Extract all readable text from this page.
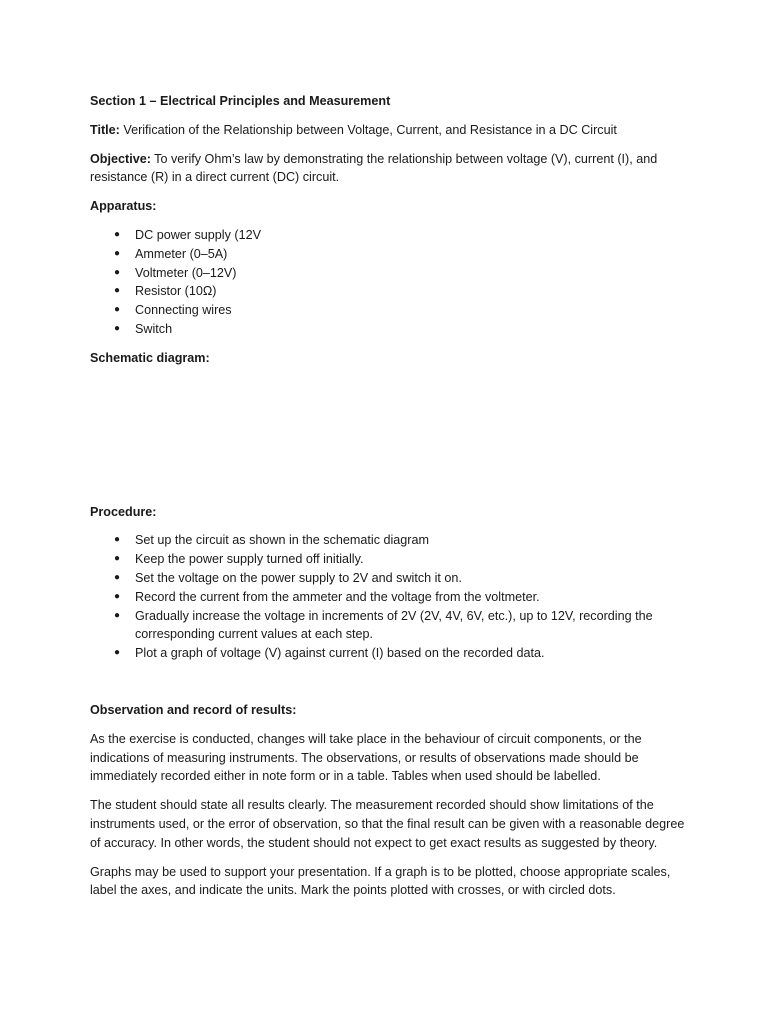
Section 1 – Electrical Principles and Measurement

Title: Verification of the Relationship between Voltage, Current, and Resistance in a DC Circuit

Objective: To verify Ohm’s law by demonstrating the relationship between voltage (V), current (I), and resistance (R) in a direct current (DC) circuit.

Apparatus:

● DC power supply (12V
● Ammeter (0–5A)
● Voltmeter (0–12V)
● Resistor (10Ω)
● Connecting wires
● Switch

Schematic diagram:

Procedure:

● Set up the circuit as shown in the schematic diagram
● Keep the power supply turned off initially.
● Set the voltage on the power supply to 2V and switch it on.
● Record the current from the ammeter and the voltage from the voltmeter.
● Gradually increase the voltage in increments of 2V (2V, 4V, 6V, etc.), up to 12V, recording the corresponding current values at each step.
● Plot a graph of voltage (V) against current (I) based on the recorded data.

Observation and record of results:

As the exercise is conducted, changes will take place in the behaviour of circuit components, or the indications of measuring instruments. The observations, or results of observations made should be immediately recorded either in note form or in a table. Tables when used should be labelled.

The student should state all results clearly. The measurement recorded should show limitations of the instruments used, or the error of observation, so that the final result can be given with a reasonable degree of accuracy. In other words, the student should not expect to get exact results as suggested by theory.

Graphs may be used to support your presentation. If a graph is to be plotted, choose appropriate scales, label the axes, and indicate the units. Mark the points plotted with crosses, or with circled dots.
